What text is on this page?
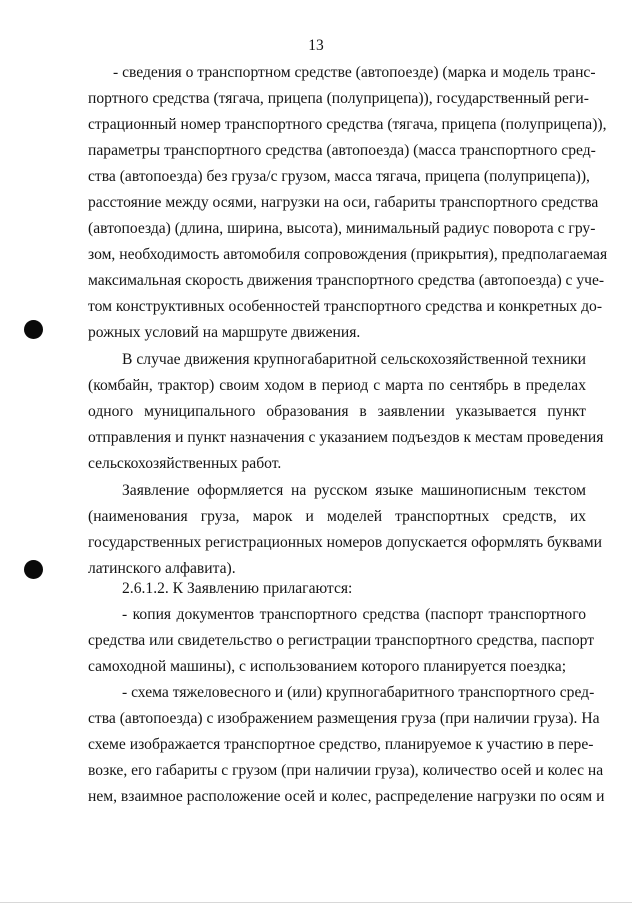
13
- сведения о транспортном средстве (автопоезде) (марка и модель транс-
портного средства (тягача, прицепа (полуприцепа)), государственный реги-
страционный номер транспортного средства (тягача, прицепа (полуприцепа)),
параметры транспортного средства (автопоезда) (масса транспортного сред-
ства (автопоезда) без груза/с грузом, масса тягача, прицепа (полуприцепа)),
расстояние между осями, нагрузки на оси, габариты транспортного средства
(автопоезда) (длина, ширина, высота), минимальный радиус поворота с гру-
зом, необходимость автомобиля сопровождения (прикрытия), предполагаемая
максимальная скорость движения транспортного средства (автопоезда) с уче-
том конструктивных особенностей транспортного средства и конкретных до-
рожных условий на маршруте движения.
В случае движения крупногабаритной сельскохозяйственной техники
(комбайн, трактор) своим ходом в период с марта по сентябрь в пределах
одного муниципального образования в заявлении указывается пункт
отправления и пункт назначения с указанием подъездов к местам проведения
сельскохозяйственных работ.
Заявление оформляется на русском языке машинописным текстом
(наименования груза, марок и моделей транспортных средств, их
государственных регистрационных номеров допускается оформлять буквами
латинского алфавита).
2.6.1.2. К Заявлению прилагаются:
- копия документов транспортного средства (паспорт транспортного
средства или свидетельство о регистрации транспортного средства, паспорт
самоходной машины), с использованием которого планируется поездка;
- схема тяжеловесного и (или) крупногабаритного транспортного сред-
ства (автопоезда) с изображением размещения груза (при наличии груза). На
схеме изображается транспортное средство, планируемое к участию в пере-
возке, его габариты с грузом (при наличии груза), количество осей и колес на
нем, взаимное расположение осей и колес, распределение нагрузки по осям и
